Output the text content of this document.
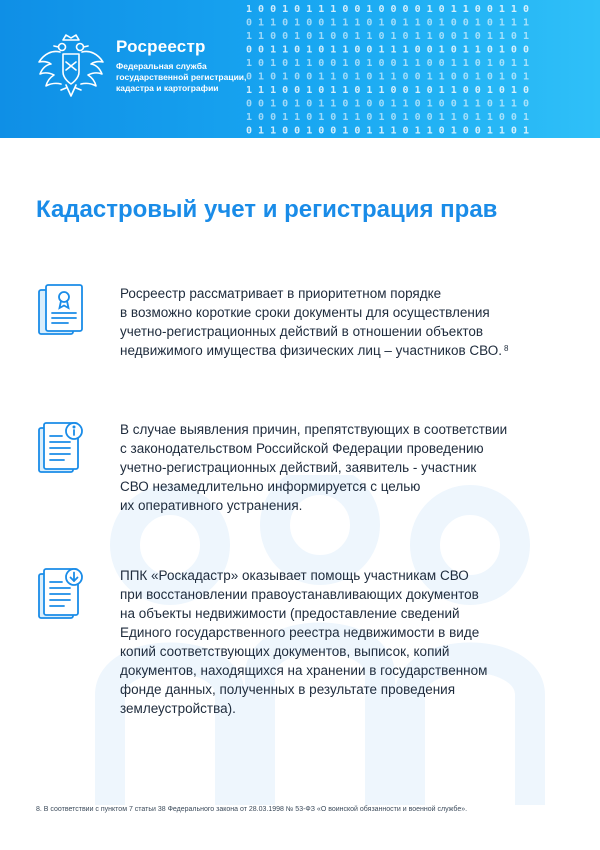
1 0 0 1 0 1 1 1 0 0 1 0 0 0 0 1 0 1 1 0 0 1 1 0
0 1 1 0 1 0 0 1 1 1 0 1 0 1 1 0 1 0 0 1 0 1 1 1
1 1 0 0 1 0 1 0 0 1 1 0 1 0 1 1 0 0 1 0 1 1 0 1
0 0 1 1 0 1 0 1 1 0 0 1 1 1 0 0 1 0 1 1 0 1 0 0
1 0 1 0 1 1 0 0 1 0 1 0 0 1 1 0 0 1 1 0 1 0 1 1
0 1 0 1 0 0 1 1 0 1 0 1 1 0 0 1 1 0 0 1 0 1 0 1
1 1 1 0 0 1 0 1 1 0 1 1 0 0 1 0 1 1 0 0 1 0 1 0
0 0 1 0 1 0 1 1 0 1 0 0 1 1 0 1 0 0 1 1 0 1 1 0
1 0 0 1 1 0 1 0 1 1 0 1 0 1 0 0 1 1 0 1 1 0 0 1
0 1 1 0 0 1 0 0 1 0 1 1 1 0 1 1 0 1 0 0 1 1 0 1
Росреестр
Федеральная служба
государственной регистрации,
кадастра и картографии
Кадастровый учет и регистрация прав
Росреестр рассматривает в приоритетном порядке
в возможно короткие сроки документы для осуществления
учетно-регистрационных действий в отношении объектов
недвижимого имущества физических лиц – участников СВО. $^8$
В случае выявления причин, препятствующих в соответствии
с законодательством Российской Федерации проведению
учетно-регистрационных действий, заявитель - участник
СВО незамедлительно информируется с целью
их оперативного устранения.
ППК «Роскадастр» оказывает помощь участникам СВО
при восстановлении правоустанавливающих документов
на объекты недвижимости (предоставление сведений
Единого государственного реестра недвижимости в виде
копий соответствующих документов, выписок, копий
документов, находящихся на хранении в государственном
фонде данных, полученных в результате проведения
землеустройства).
8. В соответствии с пунктом 7 статьи 38 Федерального закона от 28.03.1998 № 53-ФЗ «О воинской обязанности и военной службе».
